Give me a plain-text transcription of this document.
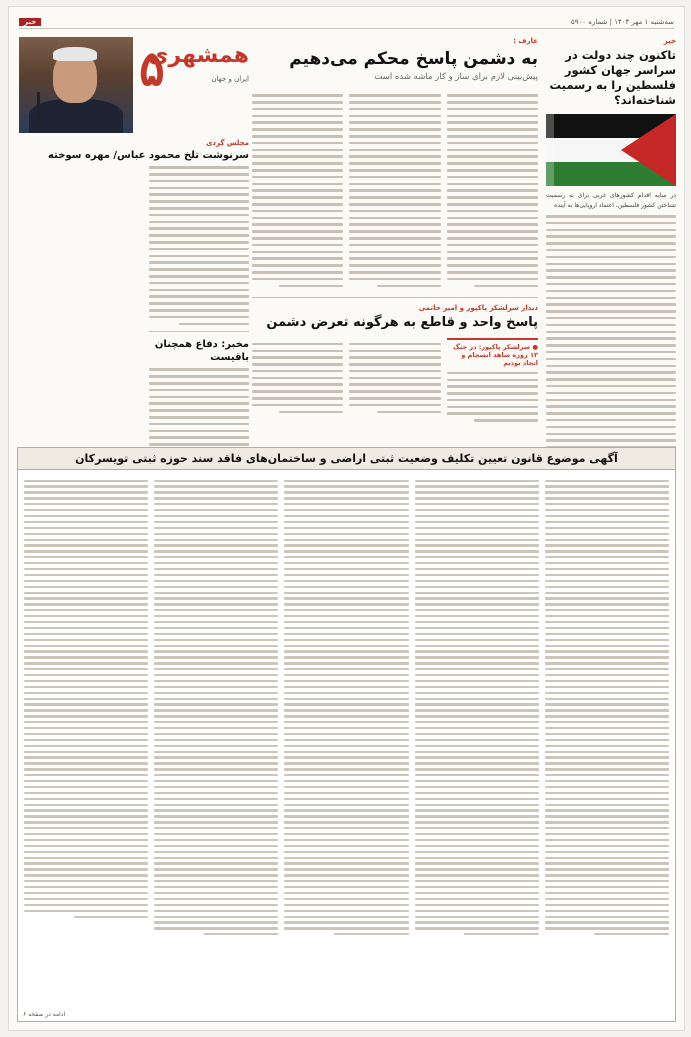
سه‌شنبه ۱ مهر ۱۴۰۴ | شماره ۵۹۰۰
خبر
خبر
تاکنون چند دولت در سراسر جهان کشور فلسطین را به رسمیت شناخته‌اند؟
در سایه اقدام کشورهای غربی برای به رسمیت شناختن کشور فلسطین، اعتماد اروپایی‌ها به آینده
عارف :
به دشمن پاسخ محکم می‌دهیم
پیش‌بینی لازم برای ساز و کار ماشه شده است
دیدار سرلشکر پاکپور و امیر حاتمی
پاسخ واحد و قاطع به هرگونه تعرض دشمن
● سرلشکر پاکپور: در جنگ ۱۲ روزه شاهد انسجام و اتحاد بودیم
همشهری
ایران و جهان
۵
مجلس گردی
سرنوشت تلخ محمود عباس/ مهره سوخته
مخبر: دفاع همچنان باقیست
آگهی موضوع قانون تعیین تکلیف وضعیت ثبتی اراضی و ساختمان‌های فاقد سند حوزه ثبتی تویسرکان
ادامه در صفحه ۶
